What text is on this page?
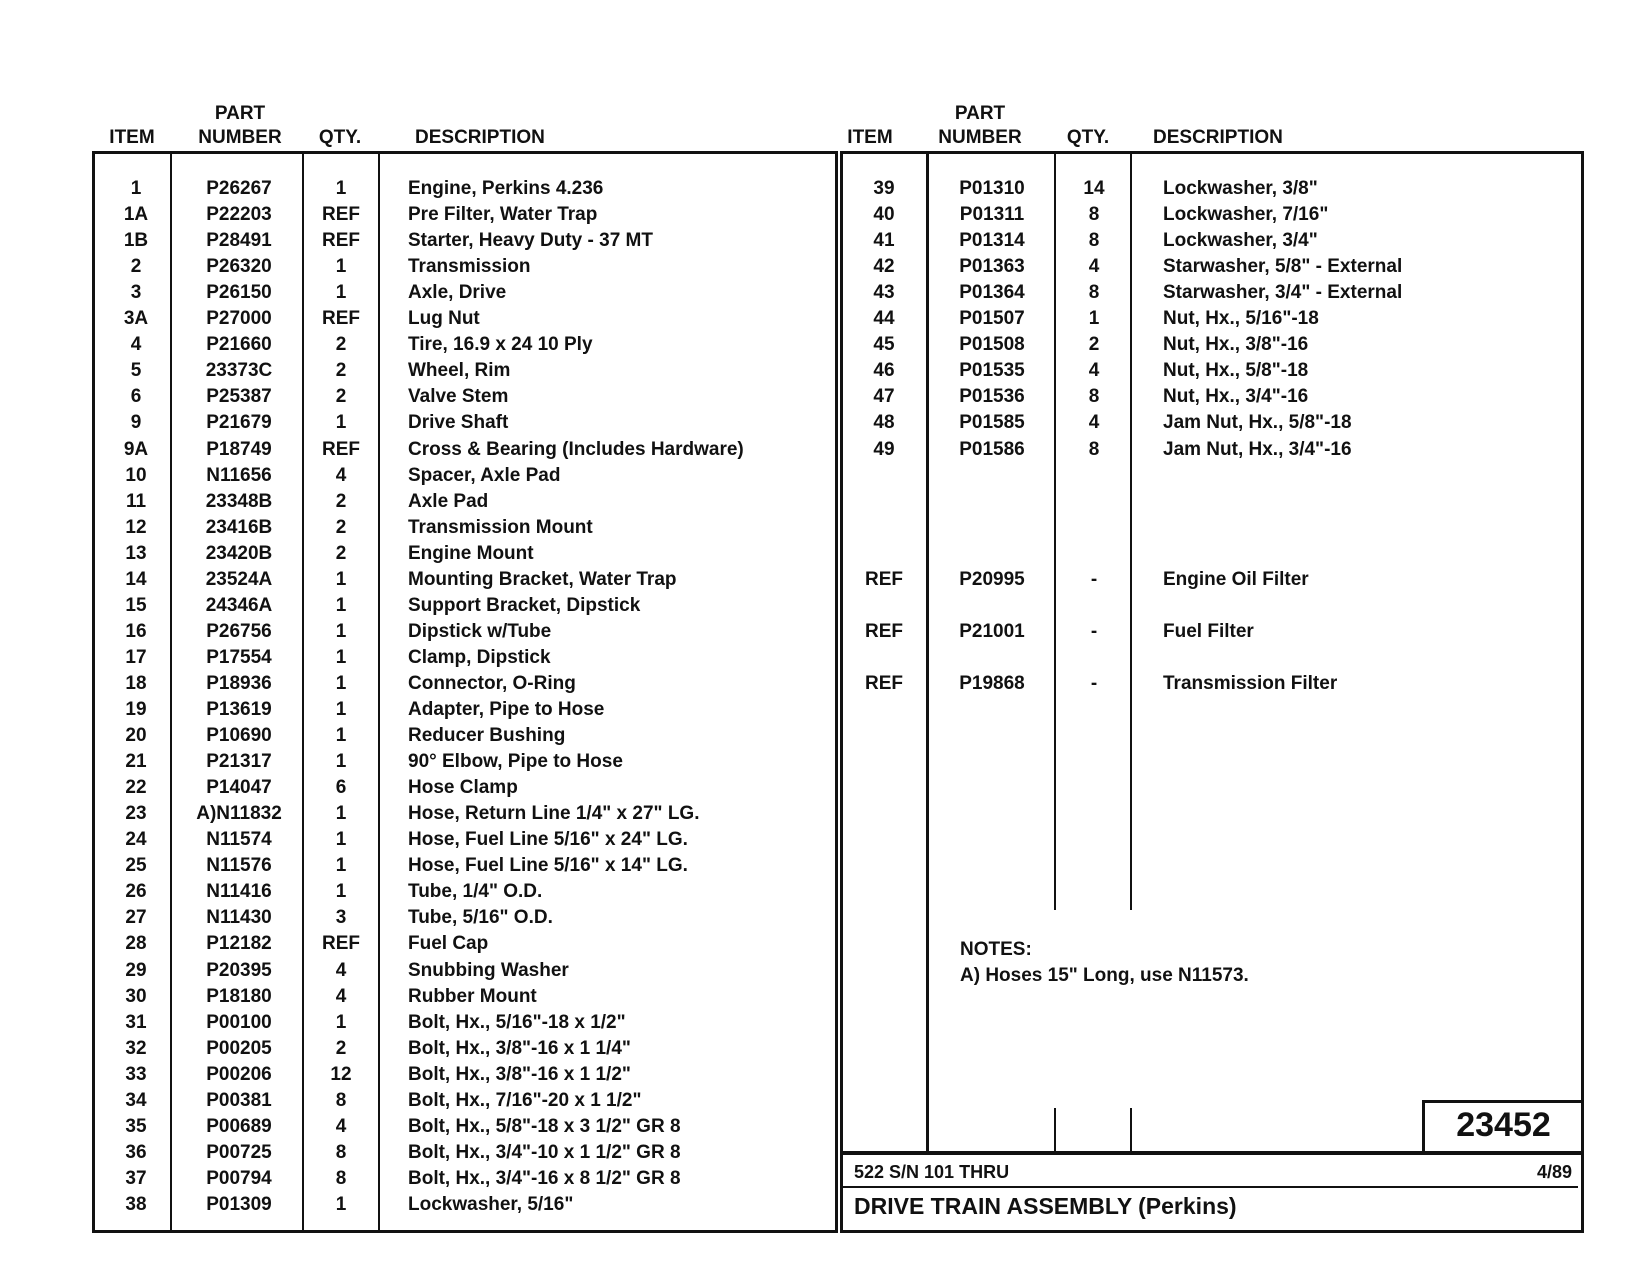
ITEM
PART
NUMBER	QTY.	DESCRIPTION	ITEM
PART
NUMBER	QTY.	DESCRIPTION
23452
522 S/N 101 THRU	4/89
DRIVE TRAIN ASSEMBLY (Perkins)
NOTES:
A) Hoses 15" Long, use N11573.
1	P26267	1	Engine, Perkins 4.236
1A	P22203	REF	Pre Filter, Water Trap
1B	P28491	REF	Starter, Heavy Duty - 37 MT
2	P26320	1	Transmission
3	P26150	1	Axle, Drive
3A	P27000	REF	Lug Nut
4	P21660	2	Tire, 16.9 x 24 10 Ply
5	23373C	2	Wheel, Rim
6	P25387	2	Valve Stem
9	P21679	1	Drive Shaft
9A	P18749	REF	Cross & Bearing (Includes Hardware)
10	N11656	4	Spacer, Axle Pad
11	23348B	2	Axle Pad
12	23416B	2	Transmission Mount
13	23420B	2	Engine Mount
14	23524A	1	Mounting Bracket, Water Trap
15	24346A	1	Support Bracket, Dipstick
16	P26756	1	Dipstick w/Tube
17	P17554	1	Clamp, Dipstick
18	P18936	1	Connector, O-Ring
19	P13619	1	Adapter, Pipe to Hose
20	P10690	1	Reducer Bushing
21	P21317	1	90° Elbow, Pipe to Hose
22	P14047	6	Hose Clamp
23	A)N11832	1	Hose, Return Line 1/4" x 27" LG.
24	N11574	1	Hose, Fuel Line 5/16" x 24" LG.
25	N11576	1	Hose, Fuel Line 5/16" x 14" LG.
26	N11416	1	Tube, 1/4" O.D.
27	N11430	3	Tube, 5/16" O.D.
28	P12182	REF	Fuel Cap
29	P20395	4	Snubbing Washer
30	P18180	4	Rubber Mount
31	P00100	1	Bolt, Hx., 5/16"-18 x 1/2"
32	P00205	2	Bolt, Hx., 3/8"-16 x 1 1/4"
33	P00206	12	Bolt, Hx., 3/8"-16 x 1 1/2"
34	P00381	8	Bolt, Hx., 7/16"-20 x 1 1/2"
35	P00689	4	Bolt, Hx., 5/8"-18 x 3 1/2" GR 8
36	P00725	8	Bolt, Hx., 3/4"-10 x 1 1/2" GR 8
37	P00794	8	Bolt, Hx., 3/4"-16 x 8 1/2" GR 8
38	P01309	1	Lockwasher, 5/16"
39	P01310	14	Lockwasher, 3/8"
40	P01311	8	Lockwasher, 7/16"
41	P01314	8	Lockwasher, 3/4"
42	P01363	4	Starwasher, 5/8" - External
43	P01364	8	Starwasher, 3/4" - External
44	P01507	1	Nut, Hx., 5/16"-18
45	P01508	2	Nut, Hx., 3/8"-16
46	P01535	4	Nut, Hx., 5/8"-18
47	P01536	8	Nut, Hx., 3/4"-16
48	P01585	4	Jam Nut, Hx., 5/8"-18
49	P01586	8	Jam Nut, Hx., 3/4"-16
REF	P20995	-	Engine Oil Filter
REF	P21001	-	Fuel Filter
REF	P19868	-	Transmission Filter
